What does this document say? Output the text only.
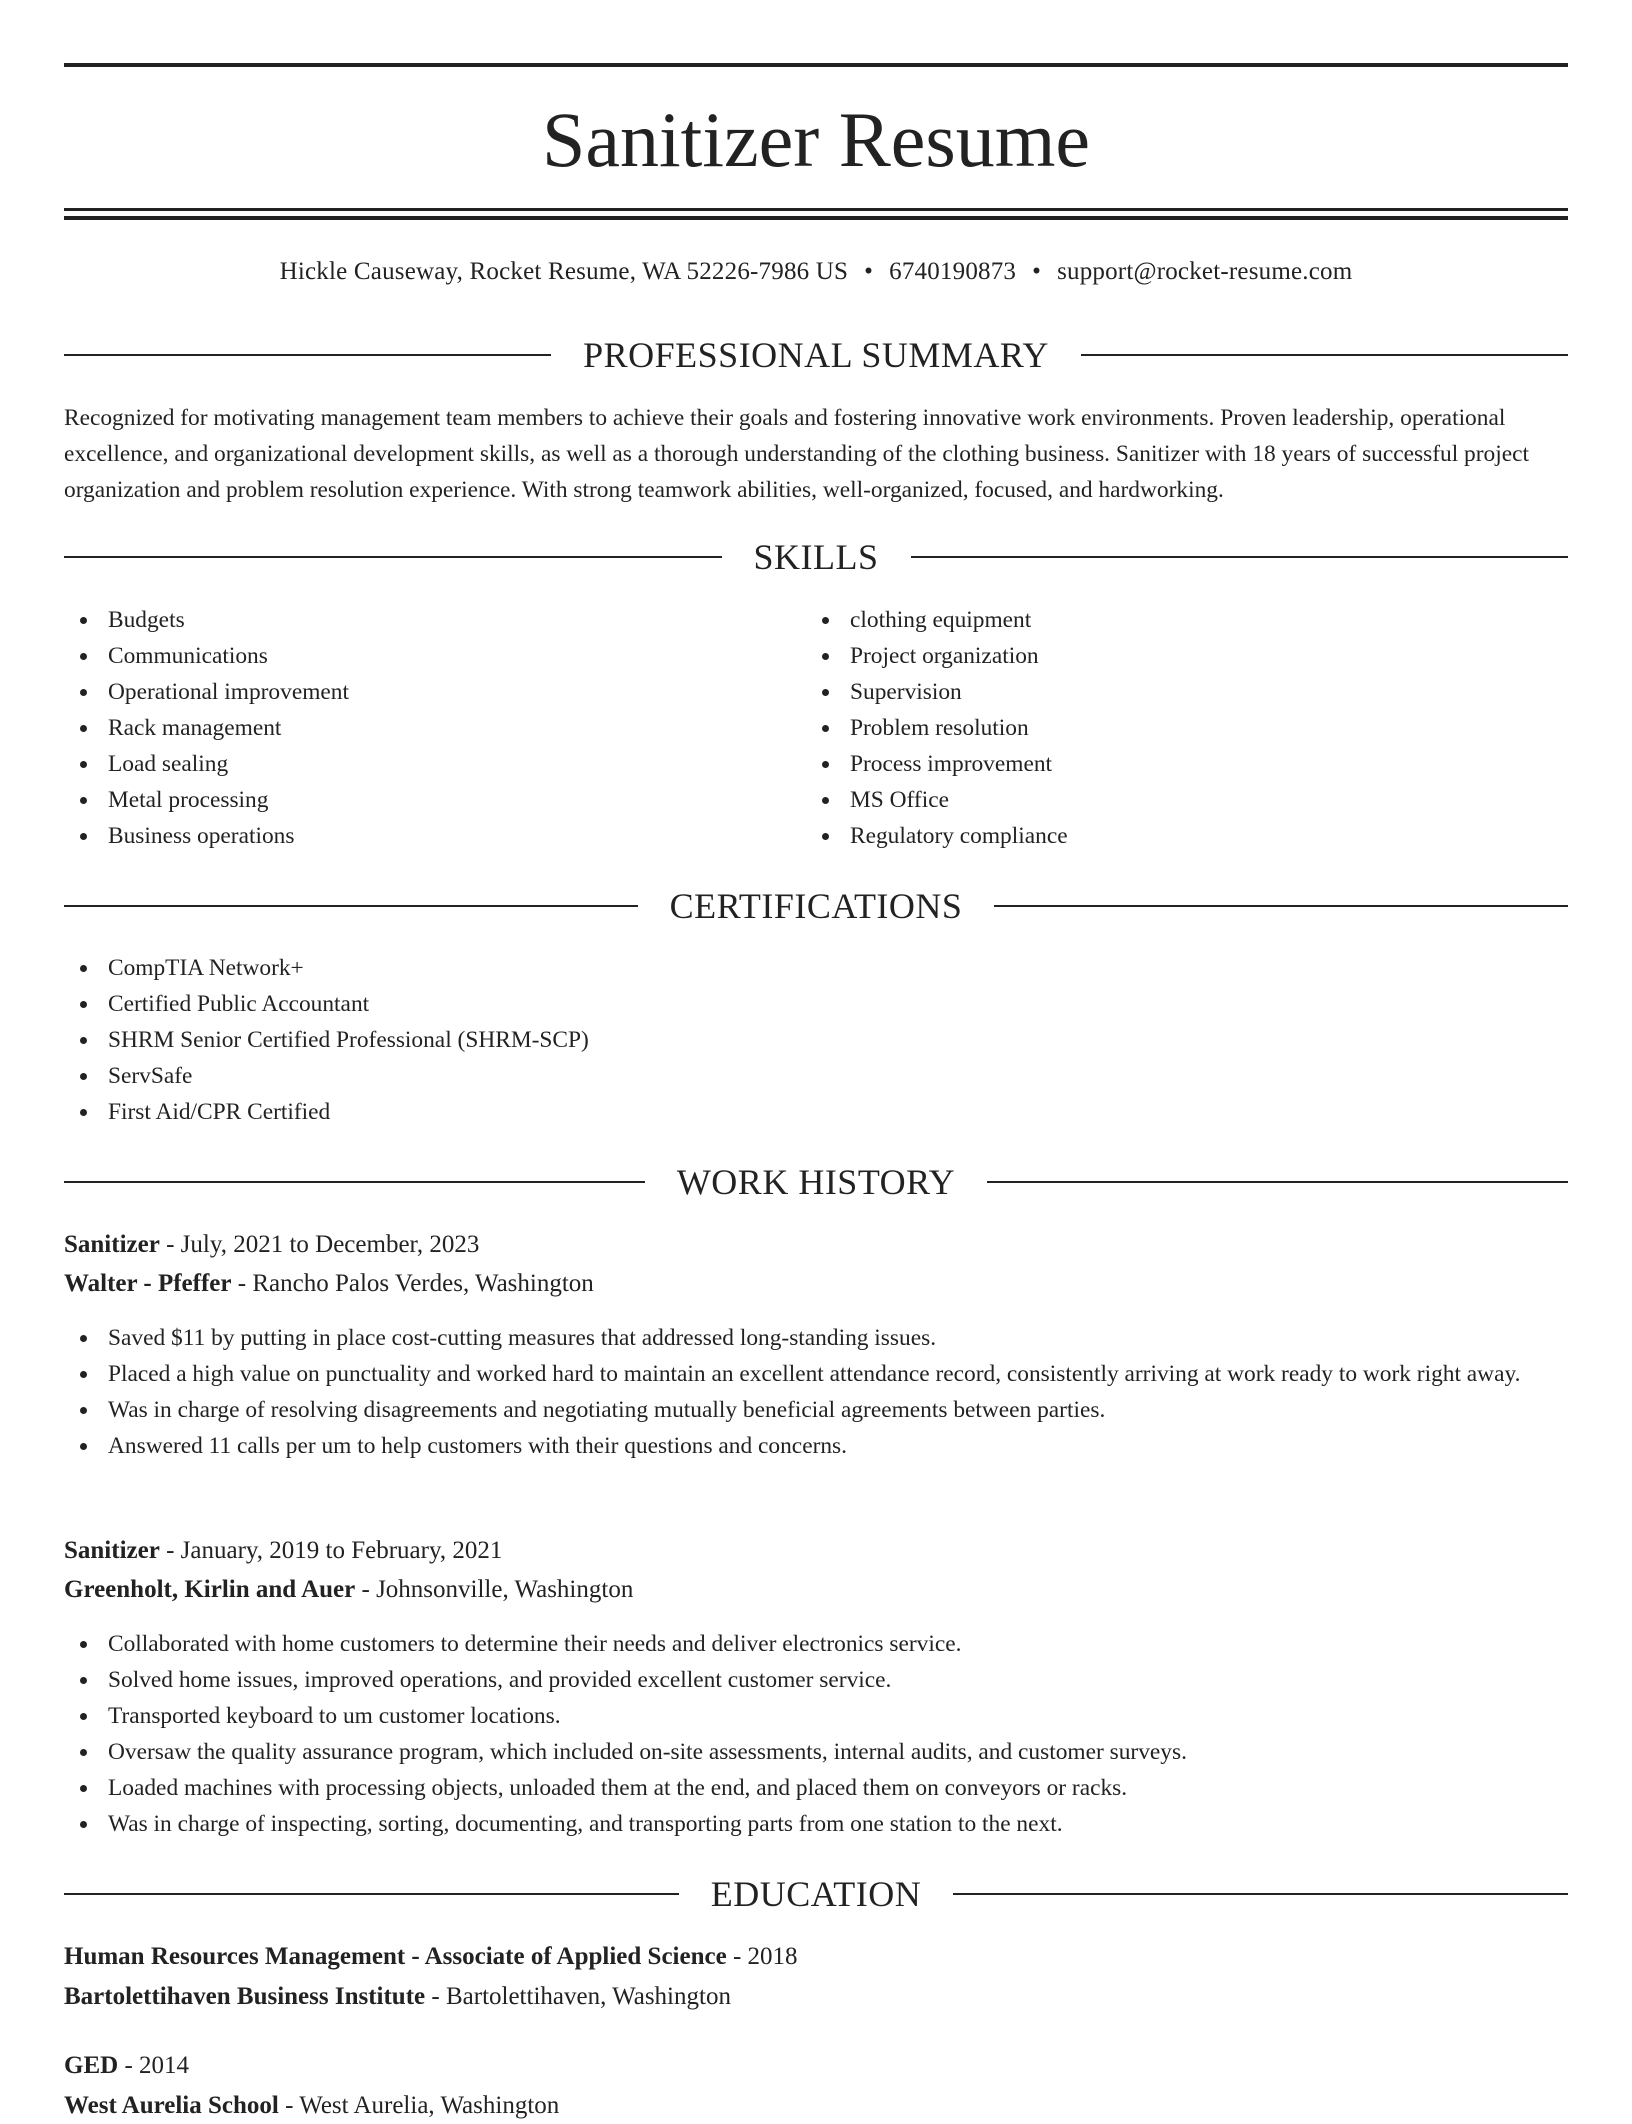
Sanitizer Resume
Hickle Causeway, Rocket Resume, WA 52226-7986 US • 6740190873 • support@rocket-resume.com
PROFESSIONAL SUMMARY
Recognized for motivating management team members to achieve their goals and fostering innovative work environments. Proven leadership, operational excellence, and organizational development skills, as well as a thorough understanding of the clothing business. Sanitizer with 18 years of successful project organization and problem resolution experience. With strong teamwork abilities, well-organized, focused, and hardworking.
SKILLS
Budgets
Communications
Operational improvement
Rack management
Load sealing
Metal processing
Business operations
clothing equipment
Project organization
Supervision
Problem resolution
Process improvement
MS Office
Regulatory compliance
CERTIFICATIONS
CompTIA Network+
Certified Public Accountant
SHRM Senior Certified Professional (SHRM-SCP)
ServSafe
First Aid/CPR Certified
WORK HISTORY
Sanitizer - July, 2021 to December, 2023
Walter - Pfeffer - Rancho Palos Verdes, Washington
Saved $11 by putting in place cost-cutting measures that addressed long-standing issues.
Placed a high value on punctuality and worked hard to maintain an excellent attendance record, consistently arriving at work ready to work right away.
Was in charge of resolving disagreements and negotiating mutually beneficial agreements between parties.
Answered 11 calls per um to help customers with their questions and concerns.
Sanitizer - January, 2019 to February, 2021
Greenholt, Kirlin and Auer - Johnsonville, Washington
Collaborated with home customers to determine their needs and deliver electronics service.
Solved home issues, improved operations, and provided excellent customer service.
Transported keyboard to um customer locations.
Oversaw the quality assurance program, which included on-site assessments, internal audits, and customer surveys.
Loaded machines with processing objects, unloaded them at the end, and placed them on conveyors or racks.
Was in charge of inspecting, sorting, documenting, and transporting parts from one station to the next.
EDUCATION
Human Resources Management - Associate of Applied Science - 2018
Bartolettihaven Business Institute - Bartolettihaven, Washington
GED - 2014
West Aurelia School - West Aurelia, Washington
